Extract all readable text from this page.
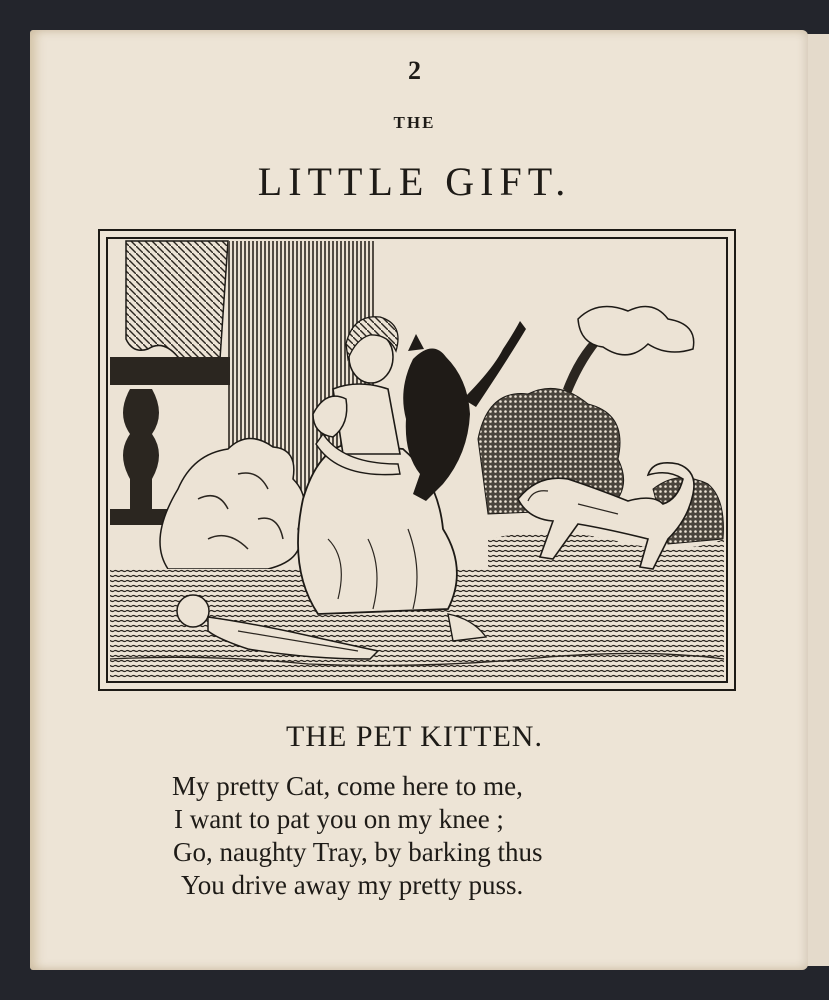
2
THE
LITTLE GIFT.
THE PET KITTEN.
My pretty Cat, come here to me,
I want to pat you on my knee ;
Go, naughty Tray, by barking thus
You drive away my pretty puss.
